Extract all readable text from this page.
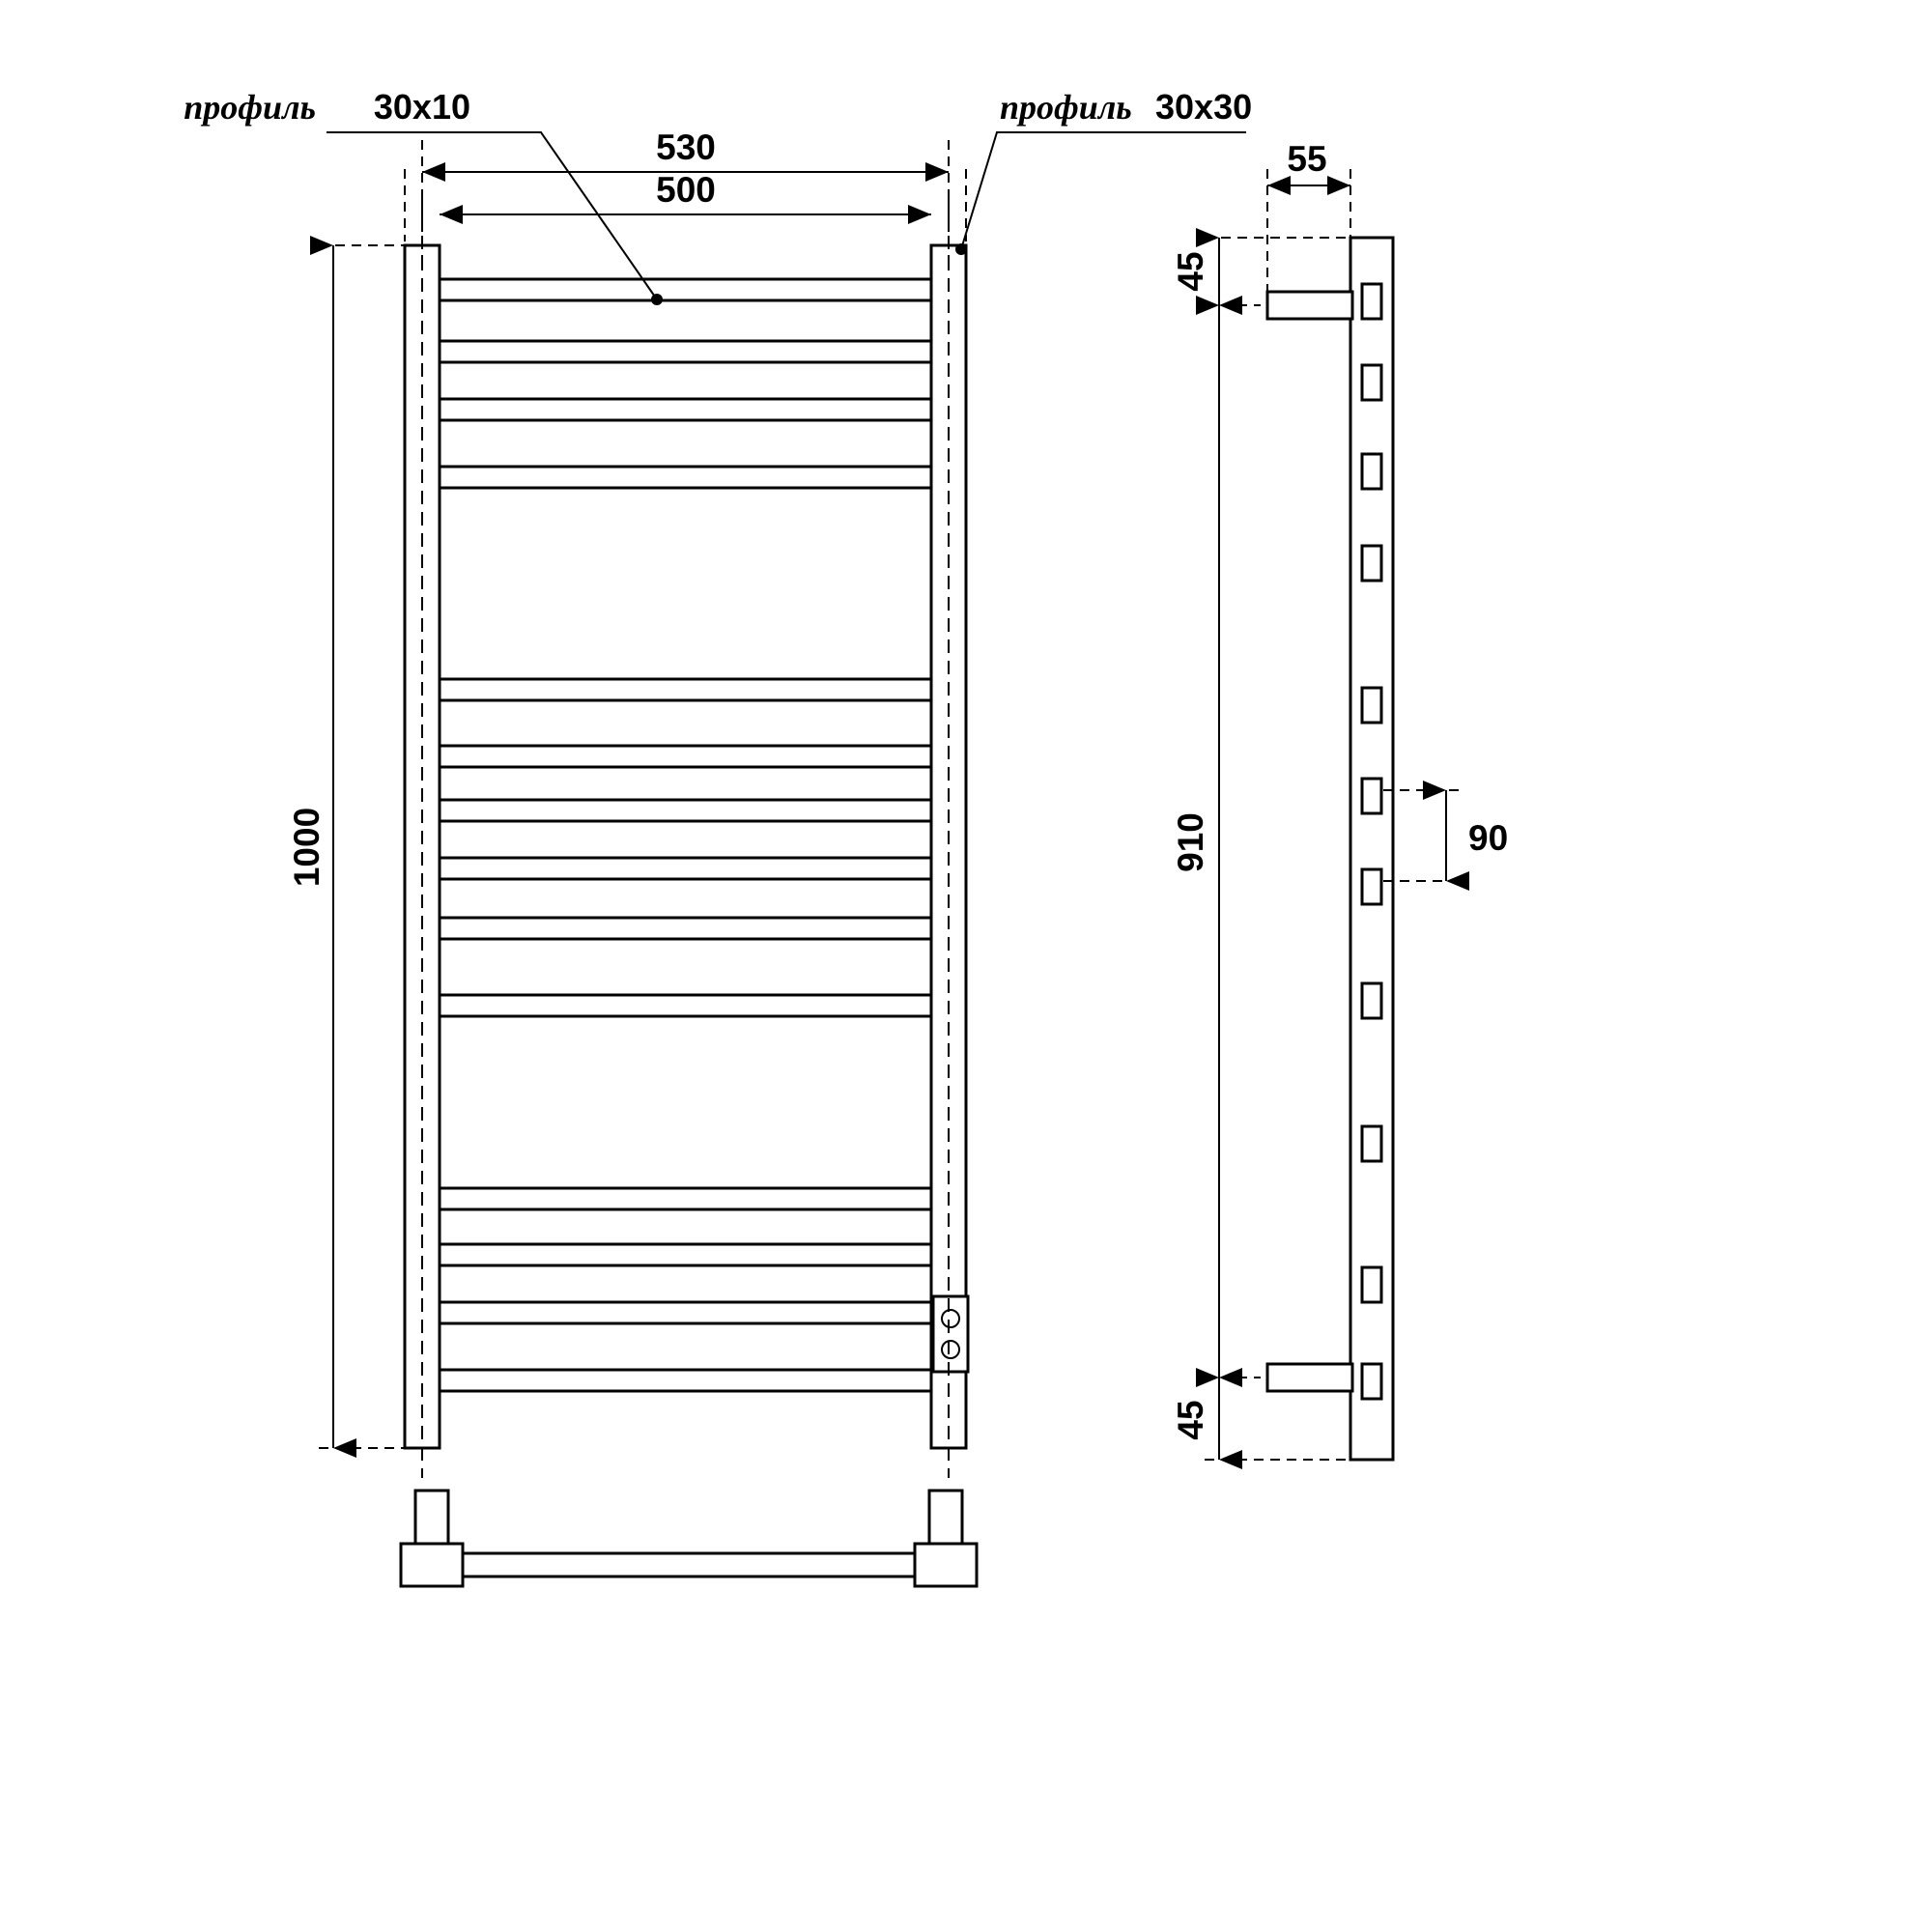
530
500
1000
профиль 30x10	профиль 30x30
55
45
45
910	90
